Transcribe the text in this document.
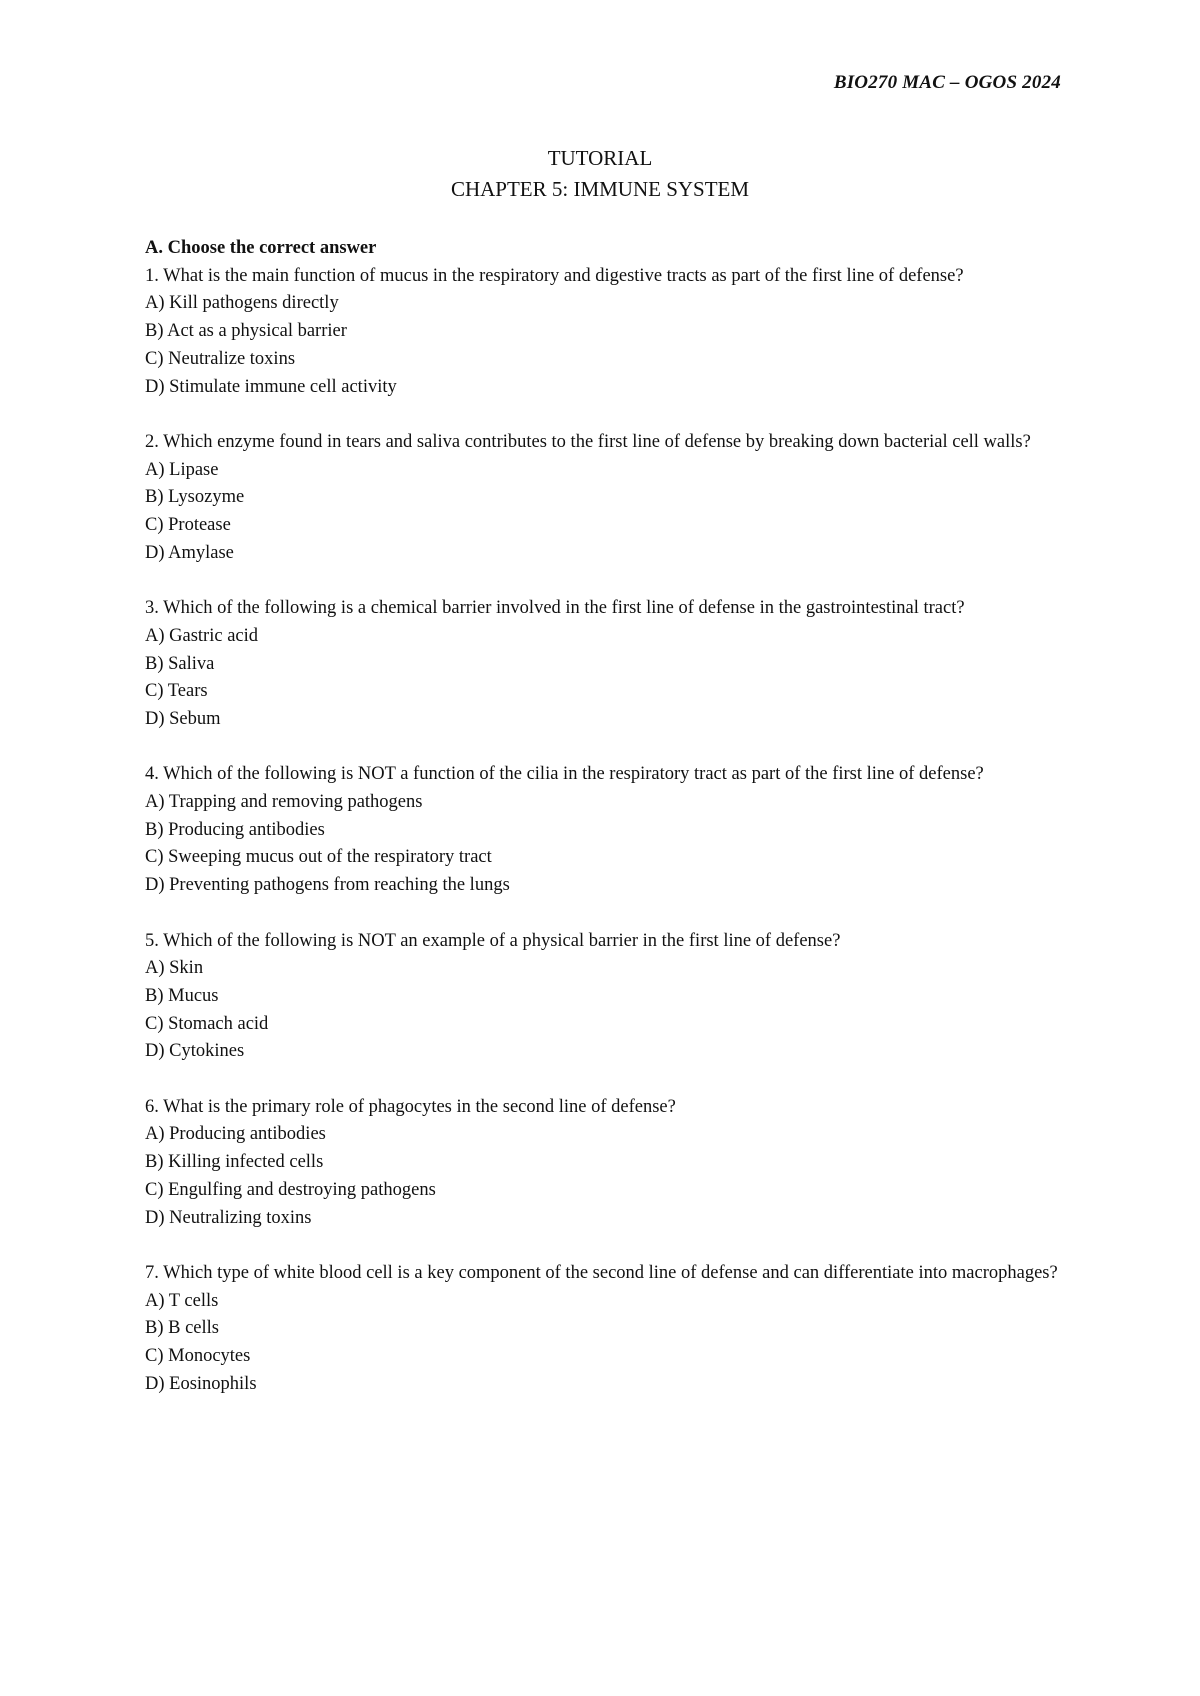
BIO270 MAC – OGOS 2024
TUTORIAL
CHAPTER 5: IMMUNE SYSTEM
A. Choose the correct answer
1. What is the main function of mucus in the respiratory and digestive tracts as part of the first line of defense?
A) Kill pathogens directly
B) Act as a physical barrier
C) Neutralize toxins
D) Stimulate immune cell activity
2. Which enzyme found in tears and saliva contributes to the first line of defense by breaking down bacterial cell walls?
A) Lipase
B) Lysozyme
C) Protease
D) Amylase
3. Which of the following is a chemical barrier involved in the first line of defense in the gastrointestinal tract?
A) Gastric acid
B) Saliva
C) Tears
D) Sebum
4. Which of the following is NOT a function of the cilia in the respiratory tract as part of the first line of defense?
A) Trapping and removing pathogens
B) Producing antibodies
C) Sweeping mucus out of the respiratory tract
D) Preventing pathogens from reaching the lungs
5. Which of the following is NOT an example of a physical barrier in the first line of defense?
A) Skin
B) Mucus
C) Stomach acid
D) Cytokines
6. What is the primary role of phagocytes in the second line of defense?
A) Producing antibodies
B) Killing infected cells
C) Engulfing and destroying pathogens
D) Neutralizing toxins
7. Which type of white blood cell is a key component of the second line of defense and can differentiate into macrophages?
A) T cells
B) B cells
C) Monocytes
D) Eosinophils
